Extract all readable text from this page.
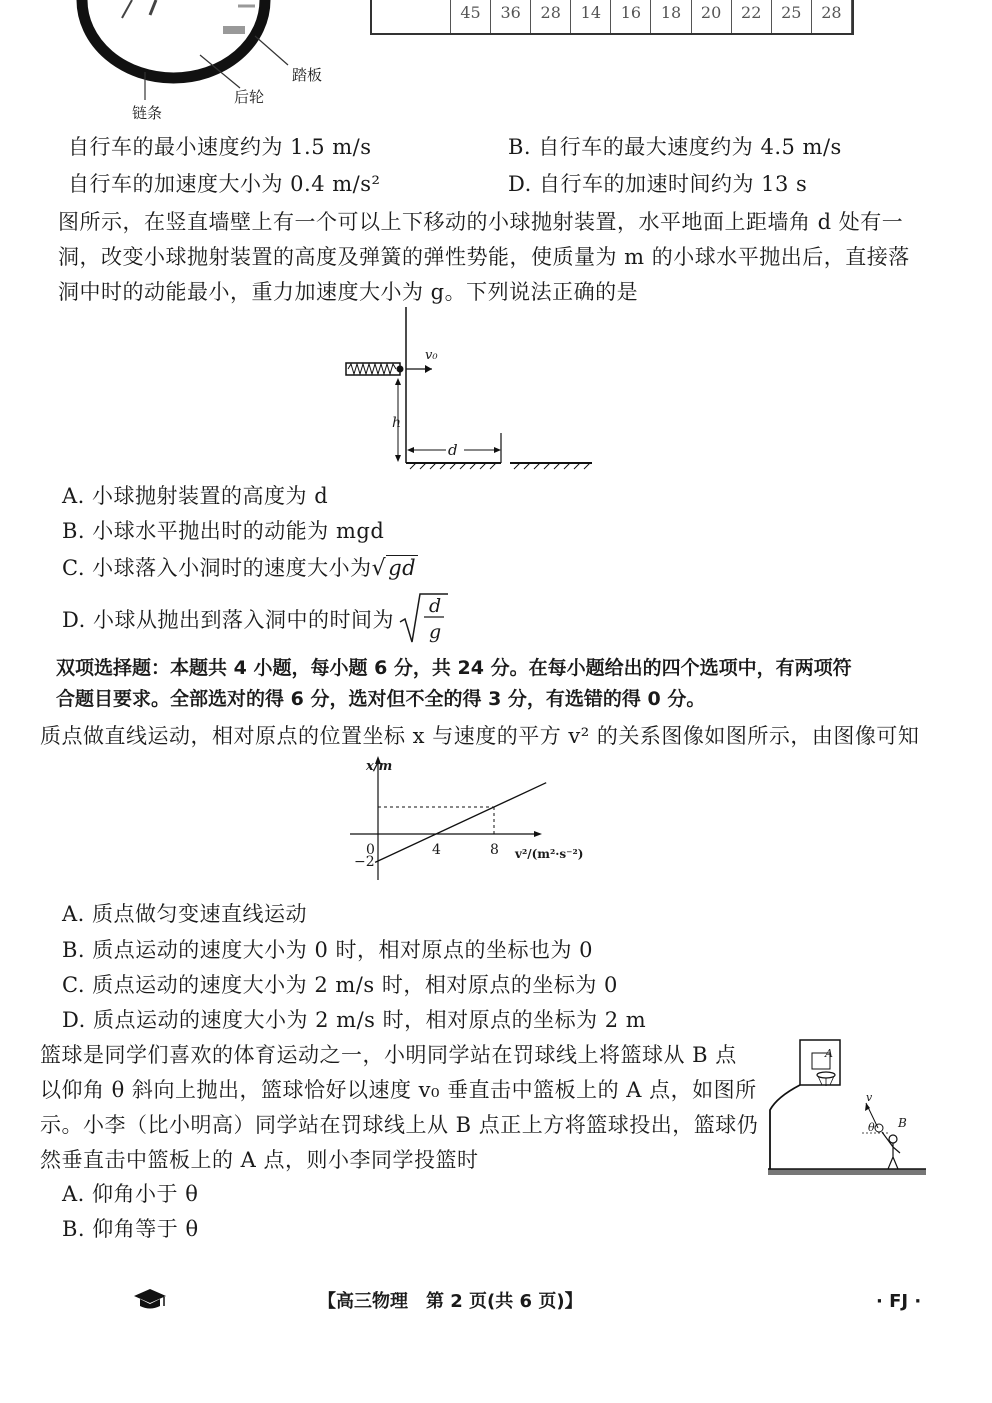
链条
后轮
踏板
45	36	28	14	16	18	20	22	25	28
自行车的最小速度约为 1.5 m/s	B. 自行车的最大速度约为 4.5 m/s
自行车的加速度大小为 0.4 m/s²	D. 自行车的加速时间约为 13 s
图所示，在竖直墙壁上有一个可以上下移动的小球抛射装置，水平地面上距墙角 d 处有一
洞，改变小球抛射装置的高度及弹簧的弹性势能，使质量为 m 的小球水平抛出后，直接落
洞中时的动能最小，重力加速度大小为 g。下列说法正确的是
v₀
h
d
A. 小球抛射装置的高度为 d
B. 小球水平抛出时的动能为 mgd
C. 小球落入小洞时的速度大小为√gd
D. 小球从抛出到落入洞中的时间为
d
g
双项选择题：本题共 4 小题，每小题 6 分，共 24 分。在每小题给出的四个选项中，有两项符
合题目要求。全部选对的得 6 分，选对但不全的得 3 分，有选错的得 0 分。
质点做直线运动，相对原点的位置坐标 x 与速度的平方 v² 的关系图像如图所示，由图像可知
x/m
v²/(m²·s⁻²)
0	4	8
−2
A. 质点做匀变速直线运动
B. 质点运动的速度大小为 0 时，相对原点的坐标也为 0
C. 质点运动的速度大小为 2 m/s 时，相对原点的坐标为 0
D. 质点运动的速度大小为 2 m/s 时，相对原点的坐标为 2 m
篮球是同学们喜欢的体育运动之一，小明同学站在罚球线上将篮球从 B 点
以仰角 θ 斜向上抛出，篮球恰好以速度 v₀ 垂直击中篮板上的 A 点，如图所
示。小李（比小明高）同学站在罚球线上从 B 点正上方将篮球投出，篮球仍
然垂直击中篮板上的 A 点，则小李同学投篮时
A
v
θ B
A. 仰角小于 θ
B. 仰角等于 θ
【高三物理　第 2 页(共 6 页)】	· FJ ·
